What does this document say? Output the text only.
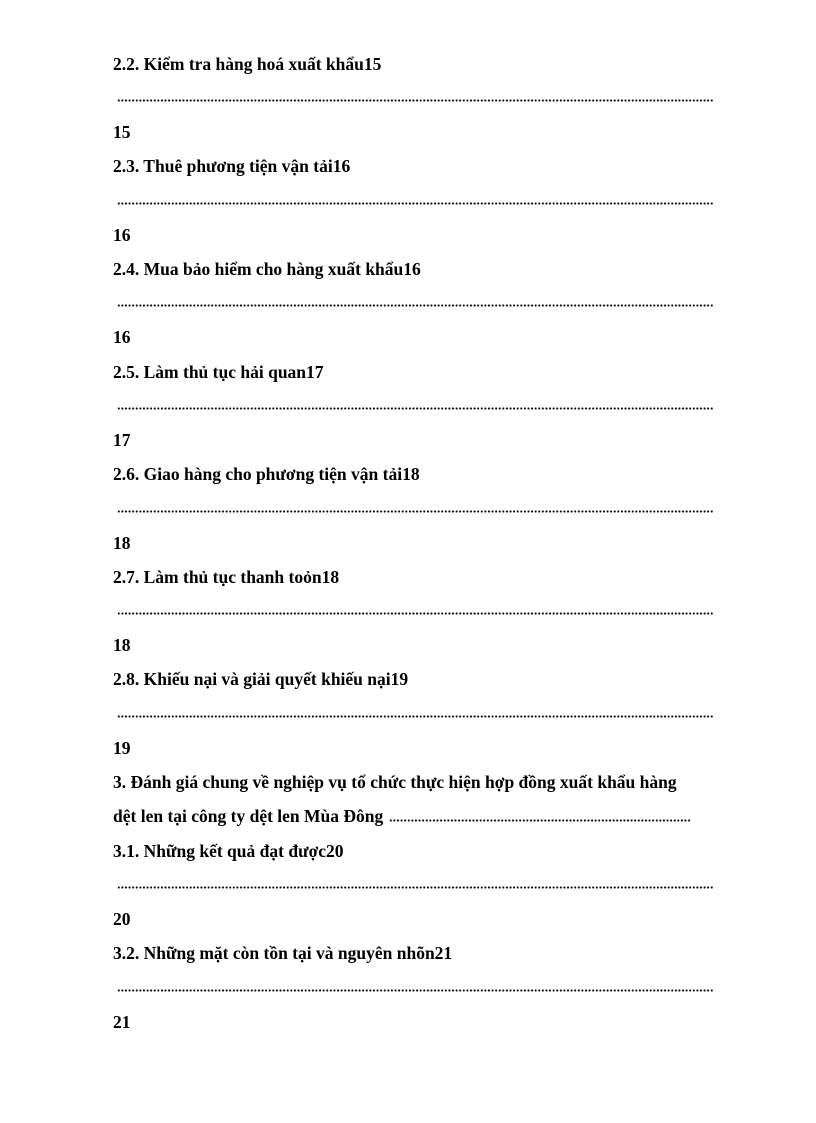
2.2. Kiểm tra hàng hoá xuất khẩu15
15
2.3. Thuê phương tiện vận tải16
16
2.4. Mua bảo hiểm cho hàng xuất khẩu16
16
2.5. Làm thủ tục hải quan17
17
2.6. Giao hàng cho phương tiện vận tải18
18
2.7. Làm thủ tục thanh toỏn18
18
2.8. Khiếu nại và giải quyết khiếu nại19
19
3. Đánh giá chung về nghiệp vụ tổ chức thực hiện hợp đồng xuất khẩu hàng
dệt len tại công ty dệt len Mùa Đông
3.1. Những kết quả đạt được20
20
3.2. Những mặt còn tồn tại và nguyên nhõn21
21
